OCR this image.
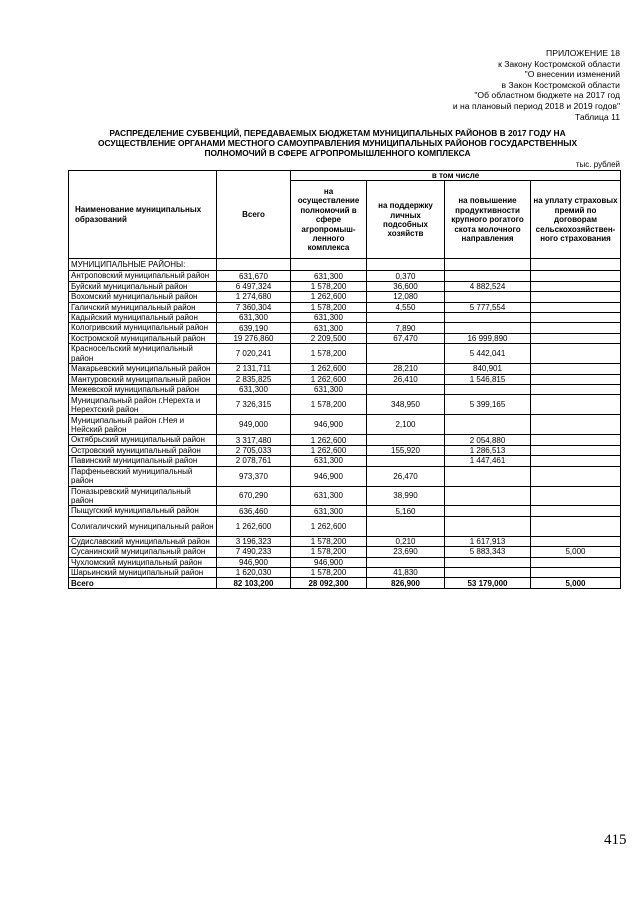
ПРИЛОЖЕНИЕ 18
к Закону Костромской области
"О внесении изменений
в Закон Костромской области
"Об областном бюджете на 2017 год
и на плановый период 2018 и 2019 годов"
Таблица 11
РАСПРЕДЕЛЕНИЕ СУБВЕНЦИЙ, ПЕРЕДАВАЕМЫХ БЮДЖЕТАМ МУНИЦИПАЛЬНЫХ РАЙОНОВ В 2017 ГОДУ НА
ОСУЩЕСТВЛЕНИЕ ОРГАНАМИ МЕСТНОГО САМОУПРАВЛЕНИЯ МУНИЦИПАЛЬНЫХ РАЙОНОВ ГОСУДАРСТВЕННЫХ
ПОЛНОМОЧИЙ В СФЕРЕ АГРОПРОМЫШЛЕННОГО КОМПЛЕКСА
тыс. рублей
Наименование муниципальных образований	Всего	в том числе			
		на осуществление полномочий в сфере агропромыш-ленного комплекса	на поддержку личных подсобных хозяйств	на повышение продуктивности крупного рогатого скота молочного направления	на уплату страховых премий по договорам сельскохозяйствен-ного страхования
МУНИЦИПАЛЬНЫЕ РАЙОНЫ:					
Антроповский муниципальный район	631,670	631,300	0,370		
Буйский муниципальный район	6 497,324	1 578,200	36,600	4 882,524	
Вохомский муниципальный район	1 274,680	1 262,600	12,080		
Галичский муниципальный район	7 360,304	1 578,200	4,550	5 777,554	
Кадыйский муниципальный район	631,300	631,300			
Кологривский муниципальный район	639,190	631,300	7,890		
Костромской муниципальный район	19 276,860	2 209,500	67,470	16 999,890	
Красносельский муниципальный район	7 020,241	1 578,200		5 442,041	
Макарьевский муниципальный район	2 131,711	1 262,600	28,210	840,901	
Мантуровский муниципальный район	2 835,825	1 262,600	26,410	1 546,815	
Межевской муниципальный район	631,300	631,300			
Муниципальный район г.Нерехта и Нерехтский район	7 326,315	1 578,200	348,950	5 399,165	
Муниципальный район г.Нея и Нейский район	949,000	946,900	2,100		
Октябрьский муниципальный район	3 317,480	1 262,600		2 054,880	
Островский муниципальный район	2 705,033	1 262,600	155,920	1 286,513	
Павинский муниципальный район	2 078,761	631,300		1 447,461	
Парфеньевский муниципальный район	973,370	946,900	26,470		
Поназыревский муниципальный район	670,290	631,300	38,990		
Пыщугский муниципальный район	636,460	631,300	5,160		
Солигаличский муниципальный район	1 262,600	1 262,600			
Судиславский муниципальный район	3 196,323	1 578,200	0,210	1 617,913	
Сусанинский муниципальный район	7 490,233	1 578,200	23,690	5 883,343	5,000
Чухломский муниципальный район	946,900	946,900			
Шарьинский муниципальный район	1 620,030	1 578,200	41,830		
Всего	82 103,200	28 092,300	826,900	53 179,000	5,000
415
